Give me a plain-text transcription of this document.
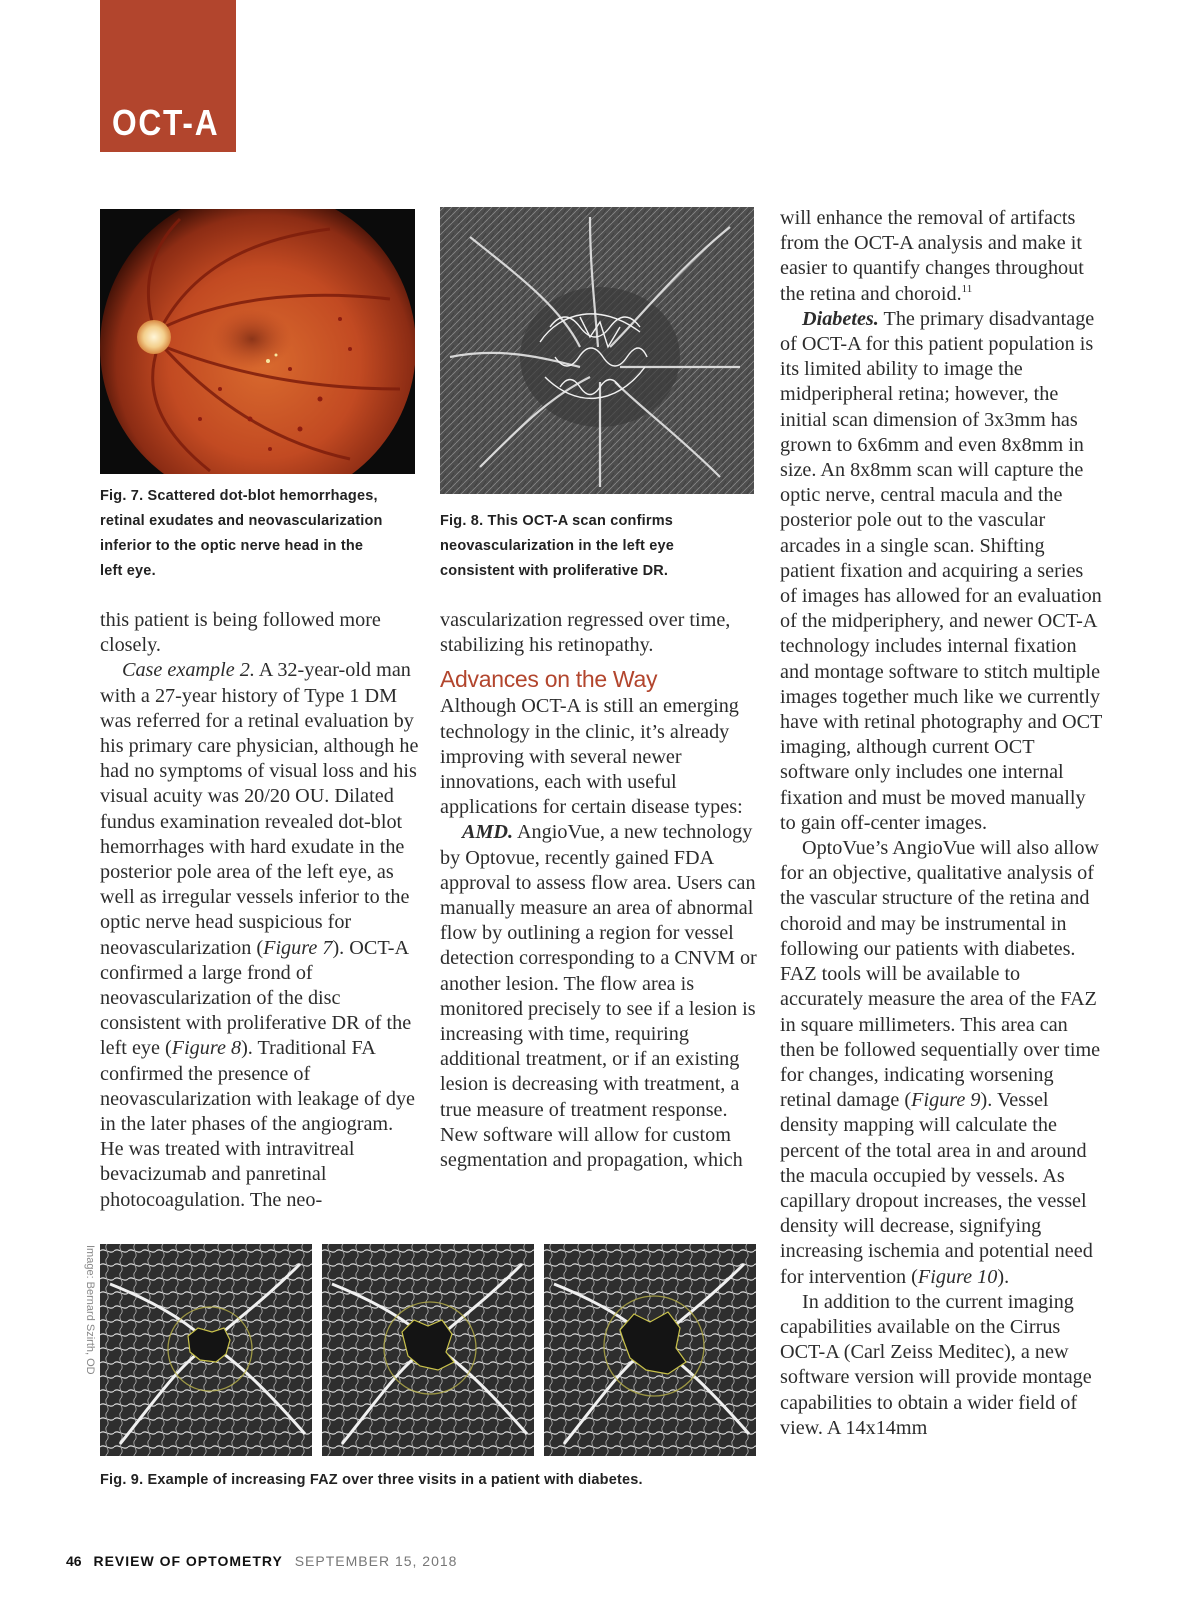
OCT-A
Fig. 7. Scattered dot-blot hemorrhages,
retinal exudates and neovascularization
inferior to the optic nerve head in the
left eye.
Fig. 8. This OCT-A scan confirms
neovascularization in the left eye
consistent with proliferative DR.

this patient is being followed more closely.

Case example 2. A 32-year-old man with a 27-year history of Type 1 DM was referred for a retinal evaluation by his primary care physician, although he had no symptoms of visual loss and his visual acuity was 20/20 OU. Dilated fundus examination revealed dot-blot hemorrhages with hard exudate in the posterior pole area of the left eye, as well as irregular vessels inferior to the optic nerve head suspicious for neovascularization (Figure 7). OCT-A confirmed a large frond of neovascularization of the disc consistent with proliferative DR of the left eye (Figure 8). Traditional FA confirmed the presence of neovascularization with leakage of dye in the later phases of the angiogram. He was treated with intravitreal bevacizumab and panretinal photocoagulation. The neo-

vascularization regressed over time, stabilizing his retinopathy.

Advances on the Way

Although OCT-A is still an emerging technology in the clinic, it’s already improving with several newer innovations, each with useful applications for certain disease types:

AMD. AngioVue, a new technology by Optovue, recently gained FDA approval to assess flow area. Users can manually measure an area of abnormal flow by outlining a region for vessel detection corresponding to a CNVM or another lesion. The flow area is monitored precisely to see if a lesion is increasing with time, requiring additional treatment, or if an existing lesion is decreasing with treatment, a true measure of treatment response. New software will allow for custom segmentation and propagation, which

will enhance the removal of artifacts from the OCT-A analysis and make it easier to quantify changes throughout the retina and choroid.$^{11}$

Diabetes. The primary disadvantage of OCT-A for this patient population is its limited ability to image the midperipheral retina; however, the initial scan dimension of 3x3mm has grown to 6x6mm and even 8x8mm in size. An 8x8mm scan will capture the optic nerve, central macula and the posterior pole out to the vascular arcades in a single scan. Shifting patient fixation and acquiring a series of images has allowed for an evaluation of the midperiphery, and newer OCT-A technology includes internal fixation and montage software to stitch multiple images together much like we currently have with retinal photography and OCT imaging, although current OCT software only includes one internal fixation and must be moved manually to gain off-center images.

OptoVue’s AngioVue will also allow for an objective, qualitative analysis of the vascular structure of the retina and choroid and may be instrumental in following our patients with diabetes. FAZ tools will be available to accurately measure the area of the FAZ in square millimeters. This area can then be followed sequentially over time for changes, indicating worsening retinal damage (Figure 9). Vessel density mapping will calculate the percent of the total area in and around the macula occupied by vessels. As capillary dropout increases, the vessel density will decrease, signifying increasing ischemia and potential need for intervention (Figure 10).

In addition to the current imaging capabilities available on the Cirrus OCT-A (Carl Zeiss Meditec), a new software version will provide montage capabilities to obtain a wider field of view. A 14x14mm

Image: Bernard Szirth, OD
Fig. 9. Example of increasing FAZ over three visits in a patient with diabetes.
46 REVIEW OF OPTOMETRY SEPTEMBER 15, 2018
